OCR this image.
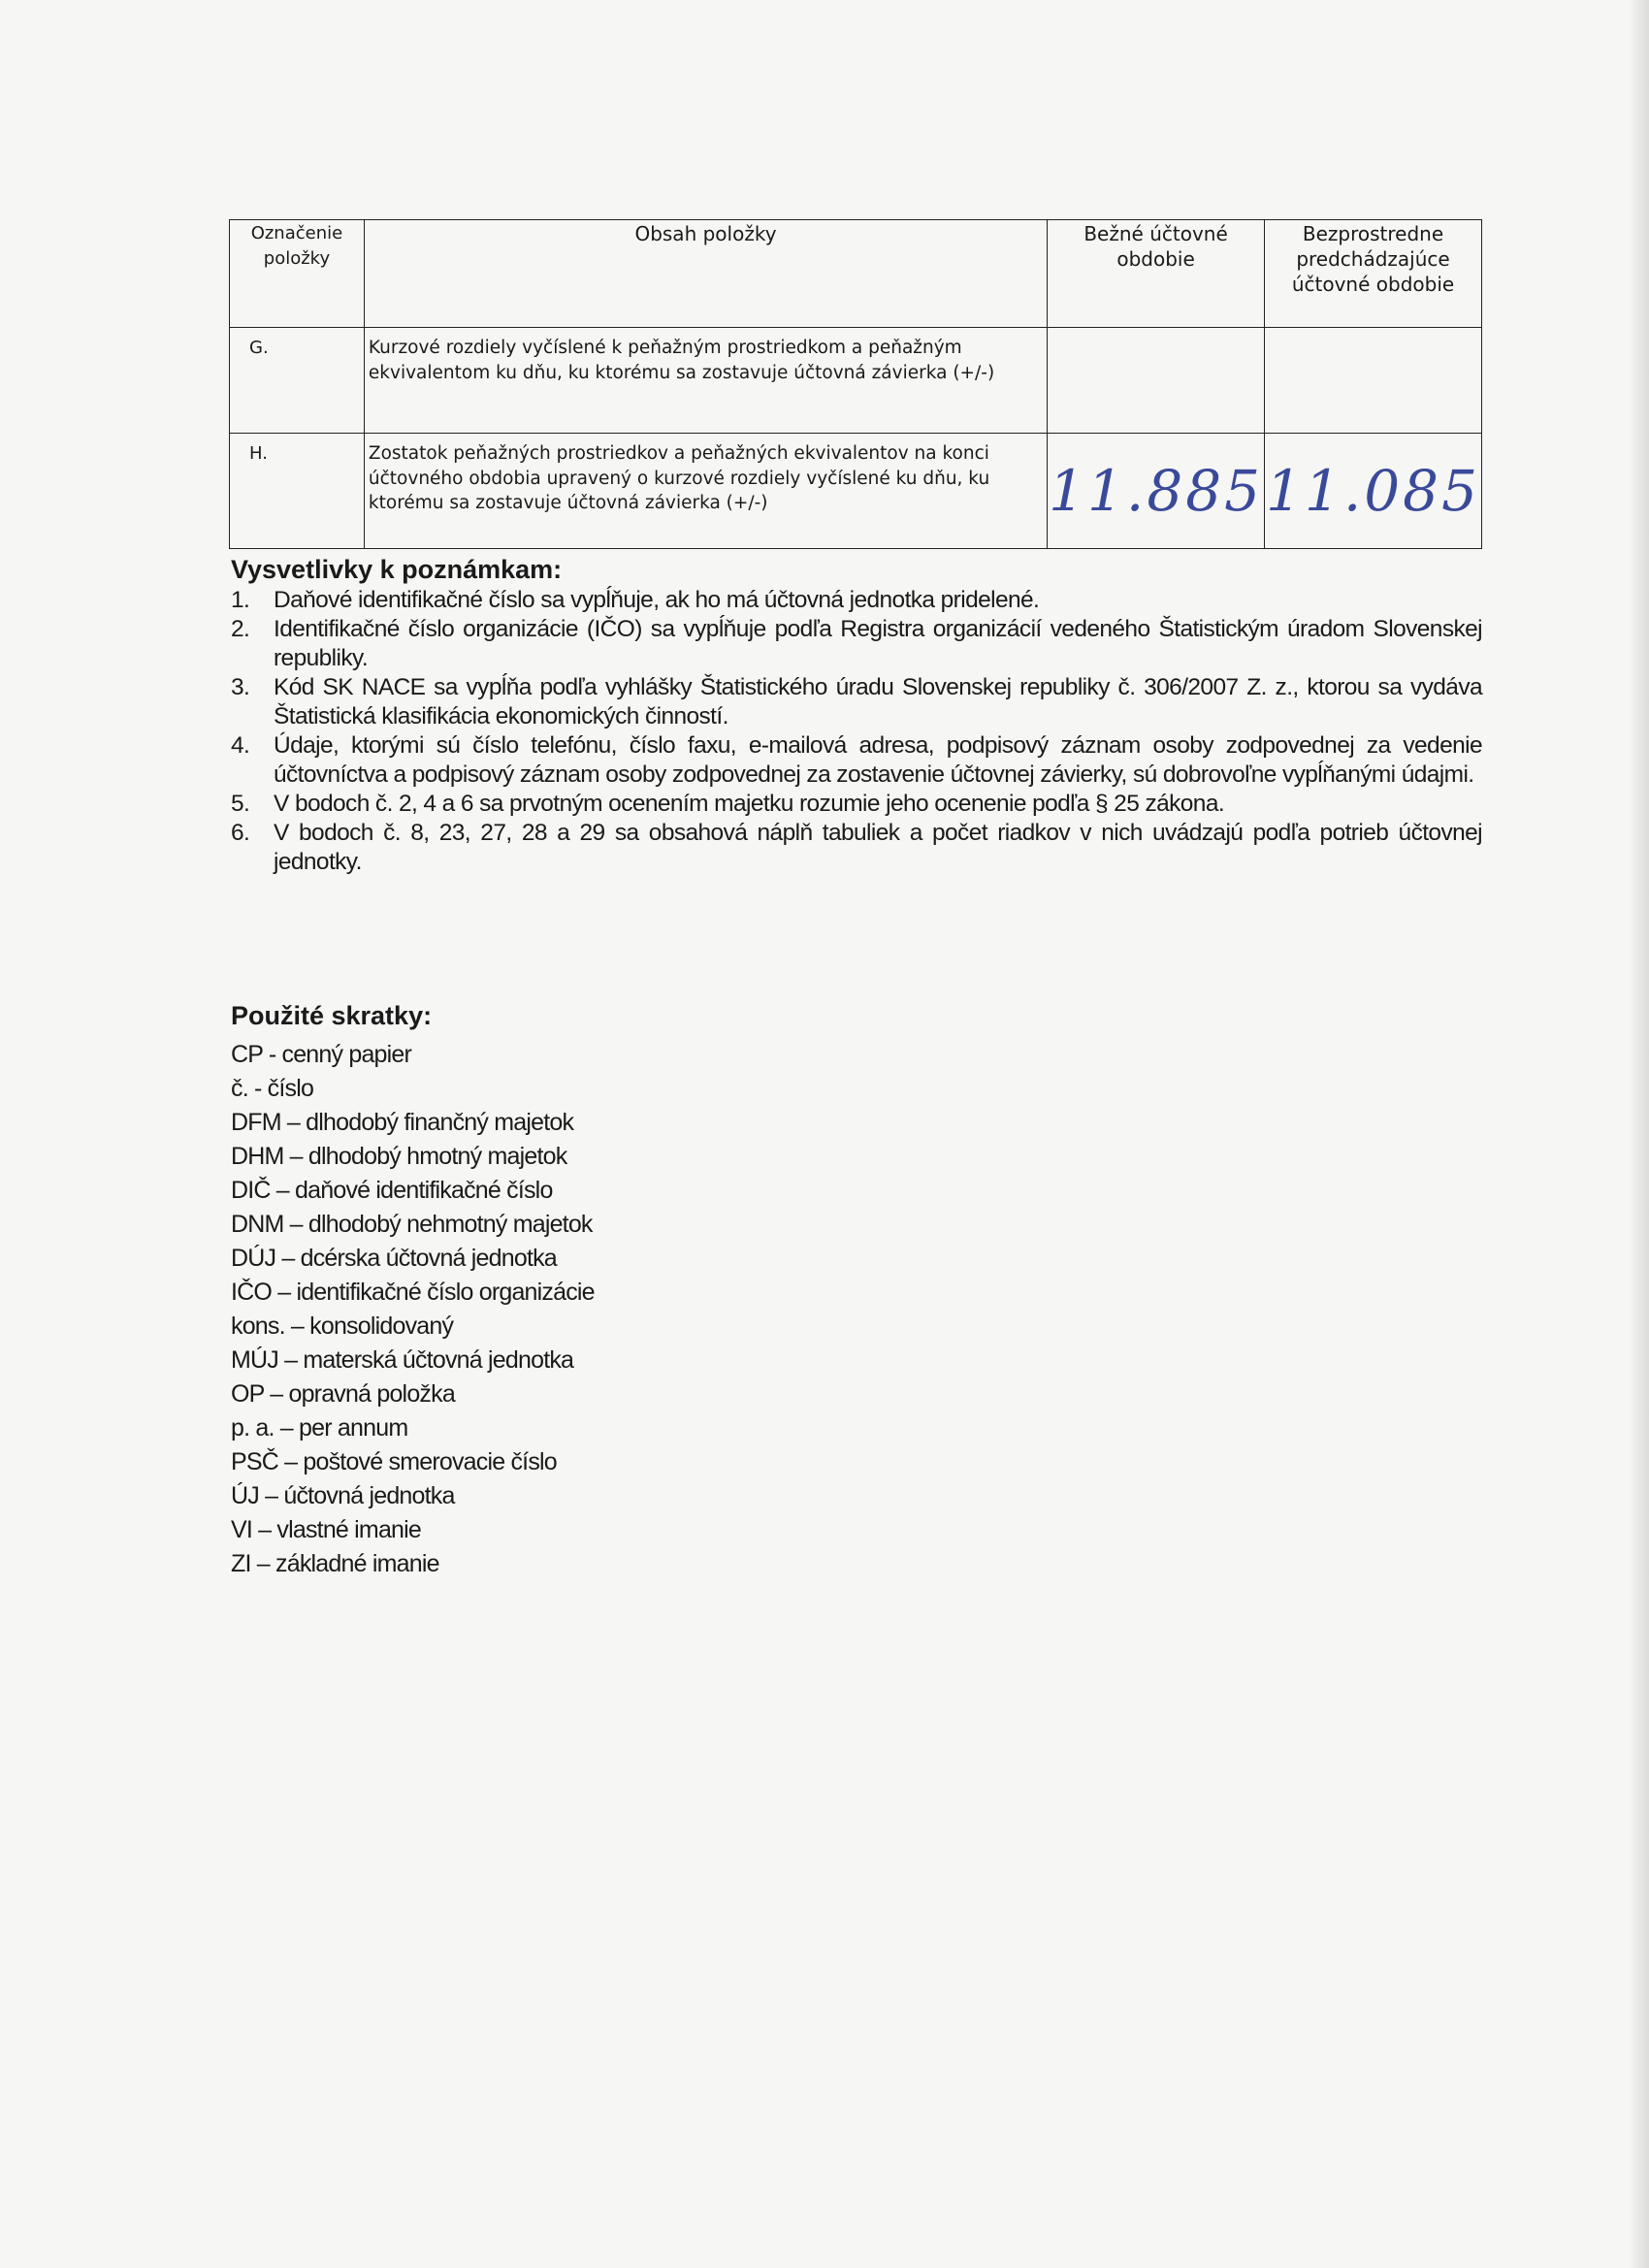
Označenie položky	Obsah položky	Bežné účtovné obdobie	Bezprostredne predchádzajúce účtovné obdobie
G.	Kurzové rozdiely vyčíslené k peňažným prostriedkom a peňažným ekvivalentom ku dňu, ku ktorému sa zostavuje účtovná závierka (+/-)		
H.	Zostatok peňažných prostriedkov a peňažných ekvivalentov na konci účtovného obdobia upravený o kurzové rozdiely vyčíslené ku dňu, ku ktorému sa zostavuje účtovná závierka (+/-)	11.885	11.085
Vysvetlivky k poznámkam:
1. Daňové identifikačné číslo sa vypĺňuje, ak ho má účtovná jednotka pridelené.
2. Identifikačné číslo organizácie (IČO) sa vypĺňuje podľa Registra organizácií vedeného Štatistickým úradom Slovenskej republiky.
3. Kód SK NACE sa vypĺňa podľa vyhlášky Štatistického úradu Slovenskej republiky č. 306/2007 Z. z., ktorou sa vydáva Štatistická klasifikácia ekonomických činností.
4. Údaje, ktorými sú číslo telefónu, číslo faxu, e-mailová adresa, podpisový záznam osoby zodpovednej za vedenie účtovníctva a podpisový záznam osoby zodpovednej za zostavenie účtovnej závierky, sú dobrovoľne vypĺňanými údajmi.
5. V bodoch č. 2, 4 a 6 sa prvotným ocenením majetku rozumie jeho ocenenie podľa § 25 zákona.
6. V bodoch č. 8, 23, 27, 28 a 29 sa obsahová náplň tabuliek a počet riadkov v nich uvádzajú podľa potrieb účtovnej jednotky.
Použité skratky:
CP - cenný papier
č. - číslo
DFM – dlhodobý finančný majetok
DHM – dlhodobý hmotný majetok
DIČ – daňové identifikačné číslo
DNM – dlhodobý nehmotný majetok
DÚJ – dcérska účtovná jednotka
IČO – identifikačné číslo organizácie
kons. – konsolidovaný
MÚJ – materská účtovná jednotka
OP – opravná položka
p. a. – per annum
PSČ – poštové smerovacie číslo
ÚJ – účtovná jednotka
VI – vlastné imanie
ZI – základné imanie
